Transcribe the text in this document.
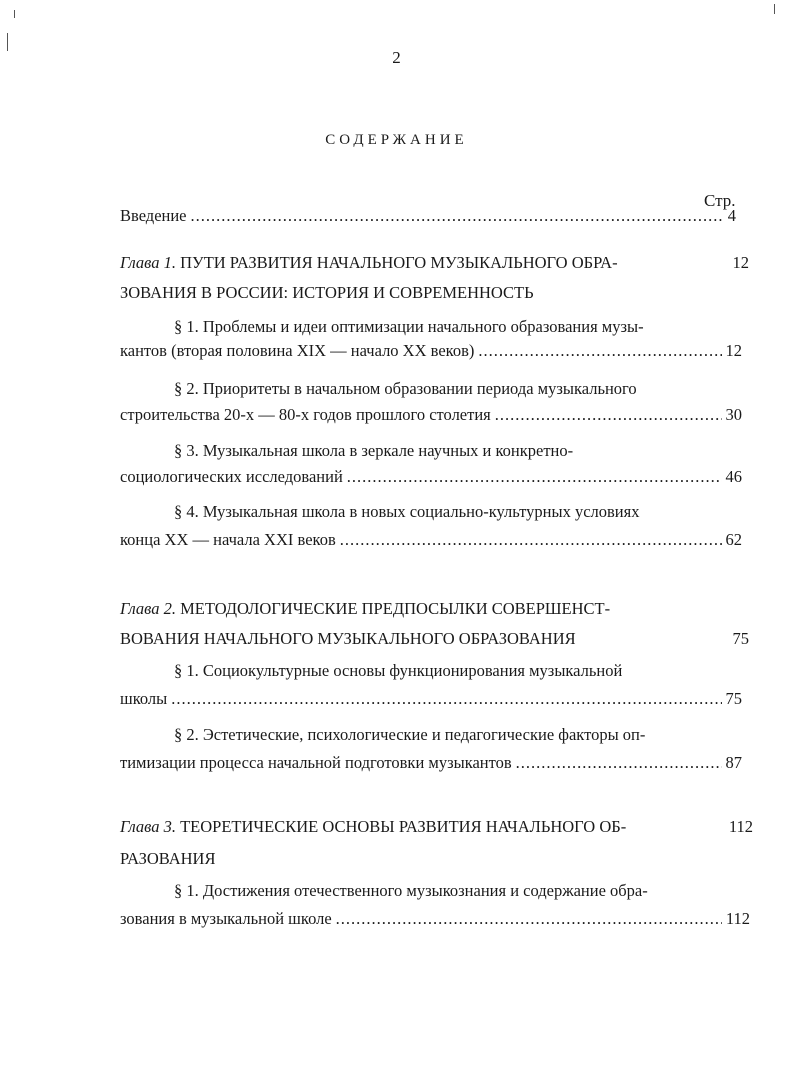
2
СОДЕРЖАНИЕ
Стр.
Введение .....	4
Глава 1. ПУТИ РАЗВИТИЯ НАЧАЛЬНОГО МУЗЫКАЛЬНОГО ОБРА-	12
ЗОВАНИЯ В РОССИИ: ИСТОРИЯ И СОВРЕМЕННОСТЬ
§ 1. Проблемы и идеи оптимизации начального образования музы-
кантов (вторая половина XIX — начало XX веков) .....	12
§ 2. Приоритеты в начальном образовании периода музыкального
строительства 20-х — 80-х годов прошлого столетия .....	30
§ 3. Музыкальная школа в зеркале научных и конкретно-
социологических исследований .....	46
§ 4. Музыкальная школа в новых социально-культурных условиях
конца XX — начала XXI веков .....	62
Глава 2. МЕТОДОЛОГИЧЕСКИЕ ПРЕДПОСЫЛКИ СОВЕРШЕНСТ-
ВОВАНИЯ НАЧАЛЬНОГО МУЗЫКАЛЬНОГО ОБРАЗОВАНИЯ	75
§ 1. Социокультурные основы функционирования музыкальной
школы .....	75
§ 2. Эстетические, психологические и педагогические факторы оп-
тимизации процесса начальной подготовки музыкантов .....	87
Глава 3. ТЕОРЕТИЧЕСКИЕ ОСНОВЫ РАЗВИТИЯ НАЧАЛЬНОГО ОБ-	112
РАЗОВАНИЯ
§ 1. Достижения отечественного музыкознания и содержание обра-
зования в музыкальной школе .....	112
